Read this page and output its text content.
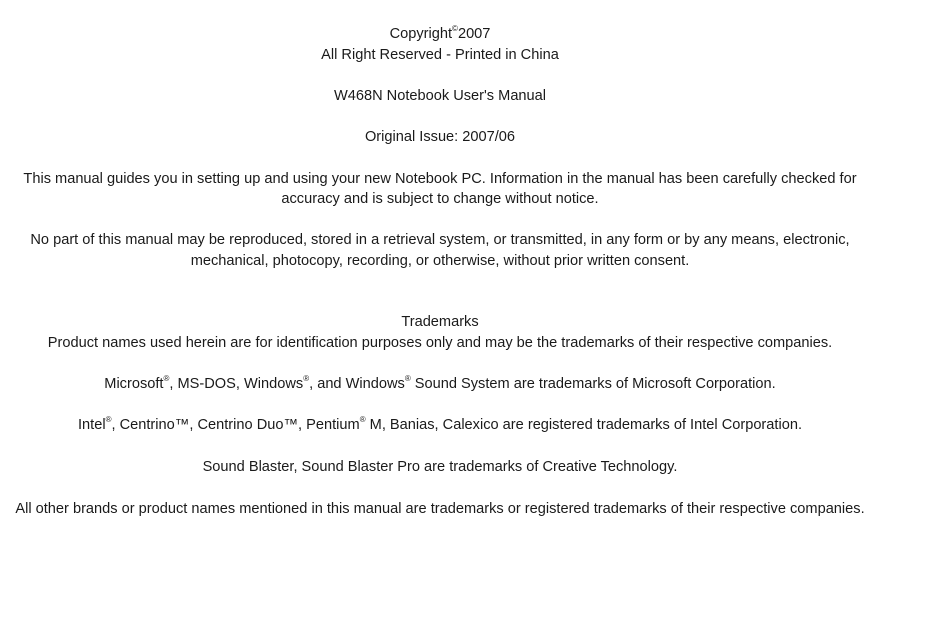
Copyright©2007
All Right Reserved - Printed in China
W468N Notebook User's Manual
Original Issue: 2007/06
This manual guides you in setting up and using your new Notebook PC. Information in the manual has been carefully checked for
accuracy and is subject to change without notice.
No part of this manual may be reproduced, stored in a retrieval system, or transmitted, in any form or by any means, electronic,
mechanical, photocopy, recording, or otherwise, without prior written consent.
Trademarks
Product names used herein are for identification purposes only and may be the trademarks of their respective companies.
Microsoft®, MS-DOS, Windows®, and Windows® Sound System are trademarks of Microsoft Corporation.
Intel®, Centrino™, Centrino Duo™, Pentium® M, Banias, Calexico are registered trademarks of Intel Corporation.
Sound Blaster, Sound Blaster Pro are trademarks of Creative Technology.
All other brands or product names mentioned in this manual are trademarks or registered trademarks of their respective companies.
